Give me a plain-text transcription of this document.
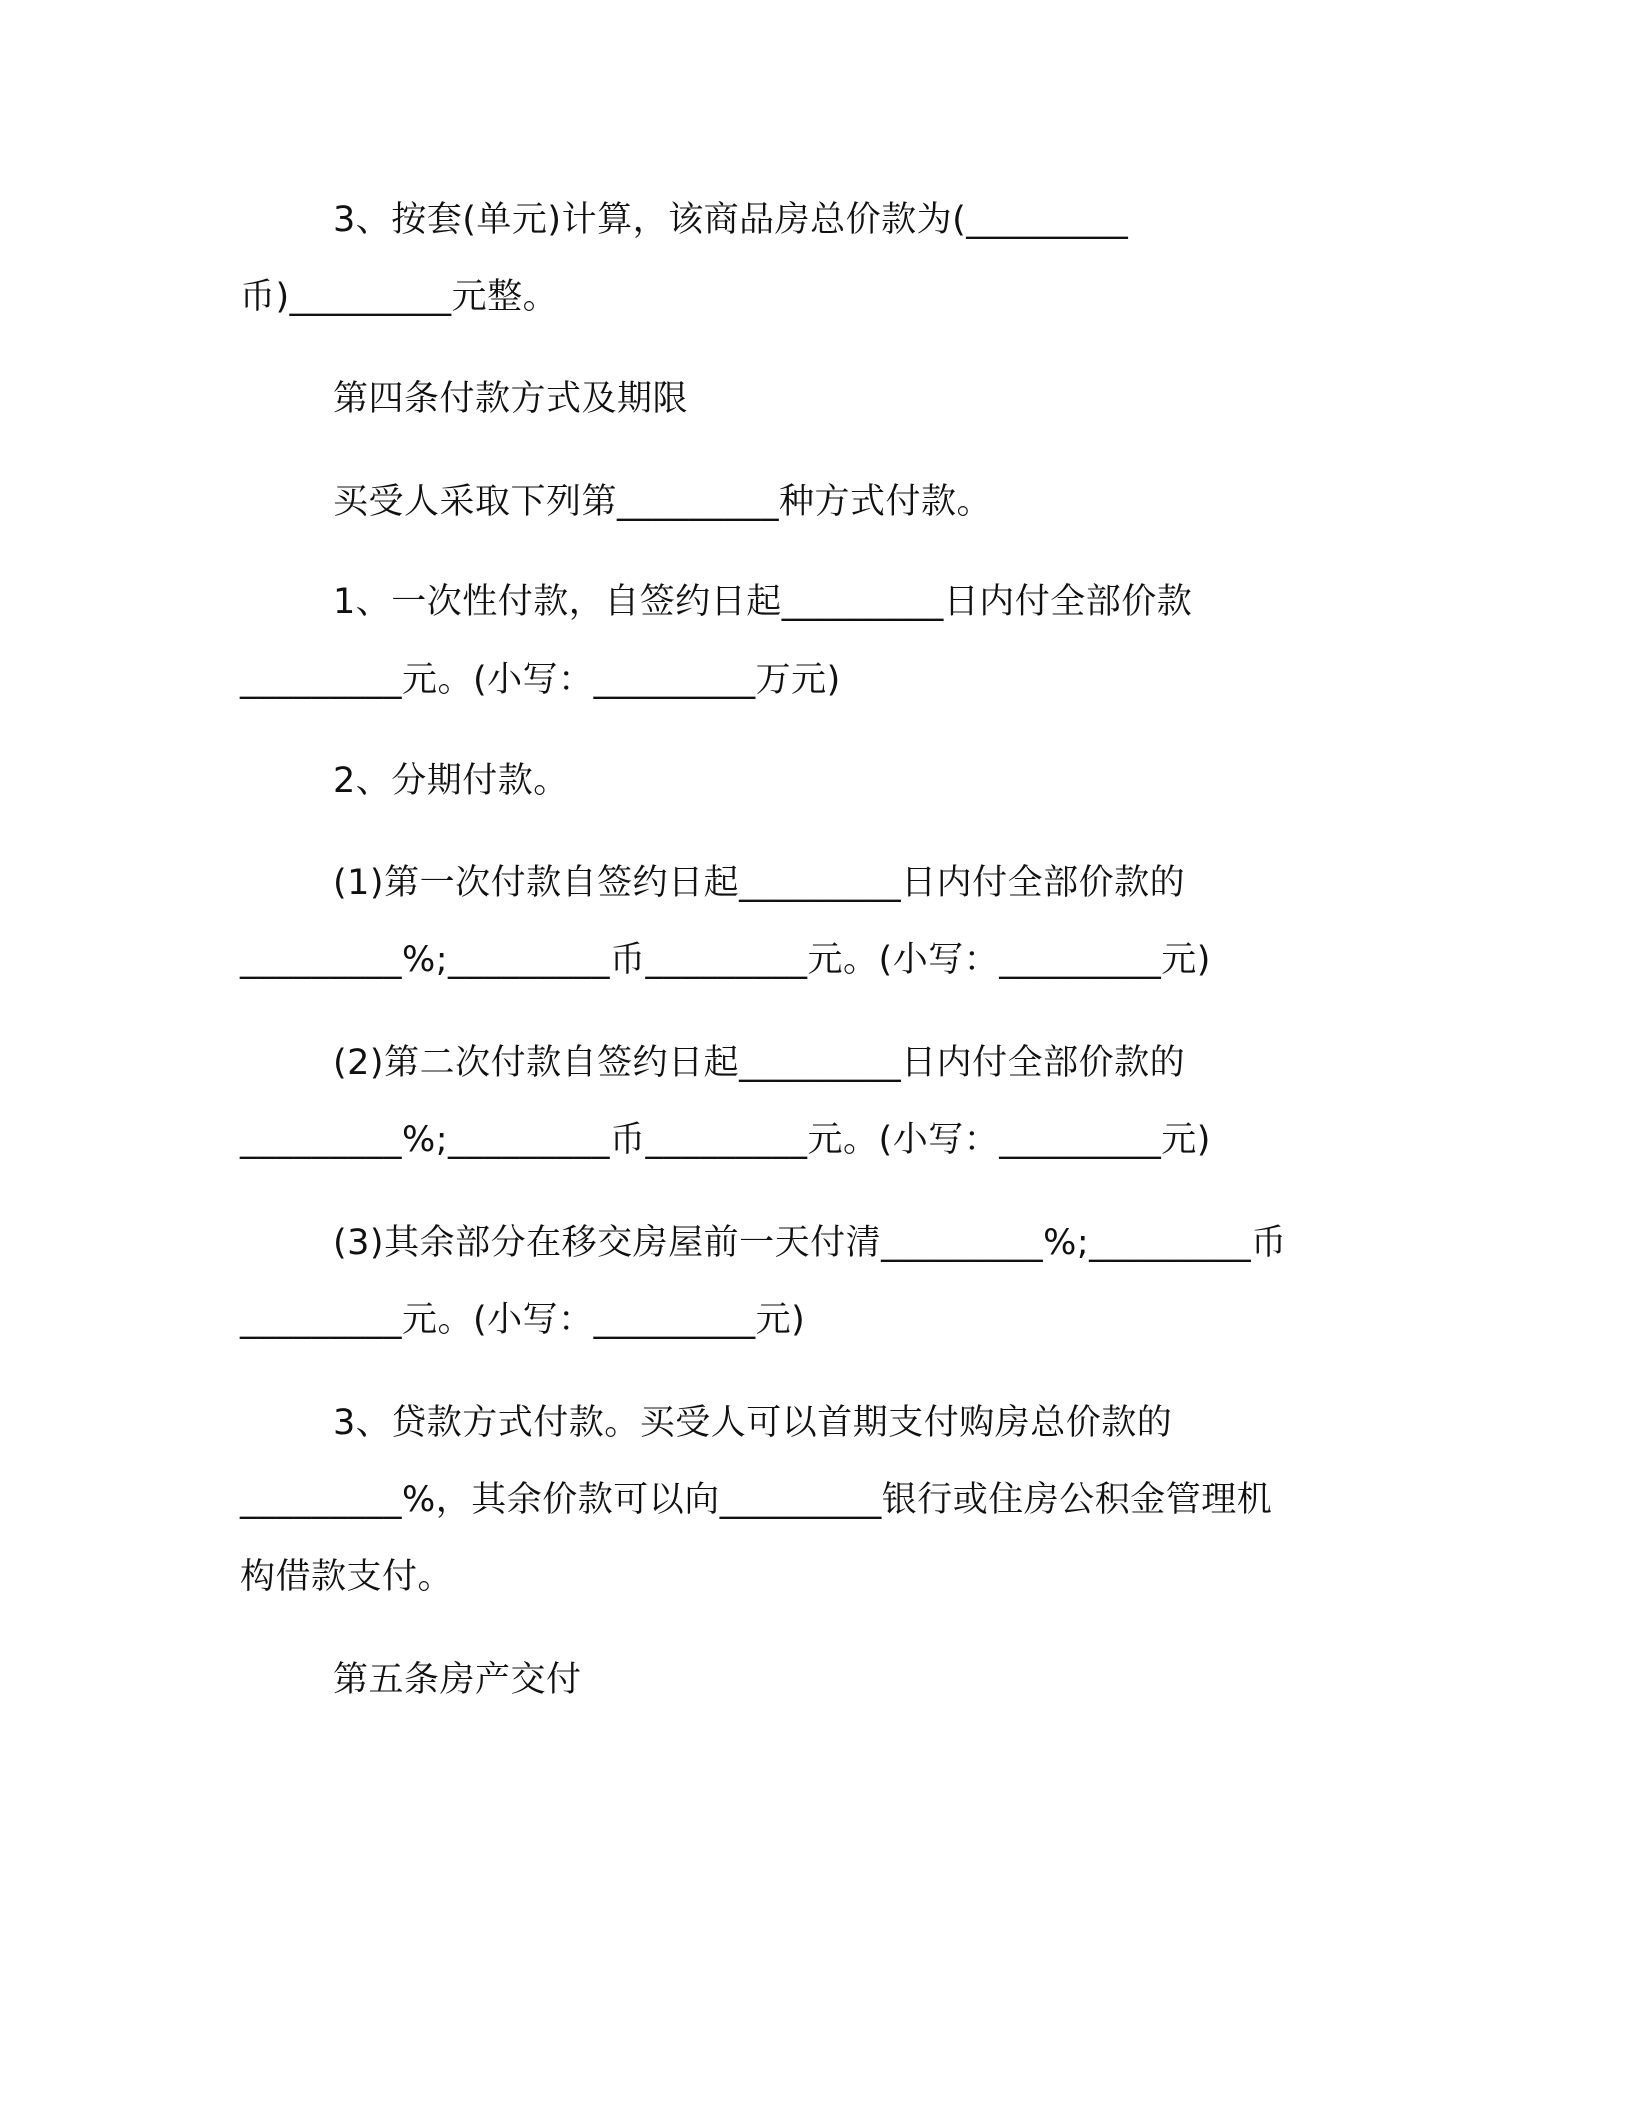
3、按套(单元)计算，该商品房总价款为(_________
币)_________元整。
第四条付款方式及期限
买受人采取下列第_________种方式付款。
1、一次性付款，自签约日起_________日内付全部价款
_________元。(小写：_________万元)
2、分期付款。
(1)第一次付款自签约日起_________日内付全部价款的
_________%;_________币_________元。(小写：_________元)
(2)第二次付款自签约日起_________日内付全部价款的
_________%;_________币_________元。(小写：_________元)
(3)其余部分在移交房屋前一天付清_________%;_________币
_________元。(小写：_________元)
3、贷款方式付款。买受人可以首期支付购房总价款的
_________%，其余价款可以向_________银行或住房公积金管理机
构借款支付。
第五条房产交付
